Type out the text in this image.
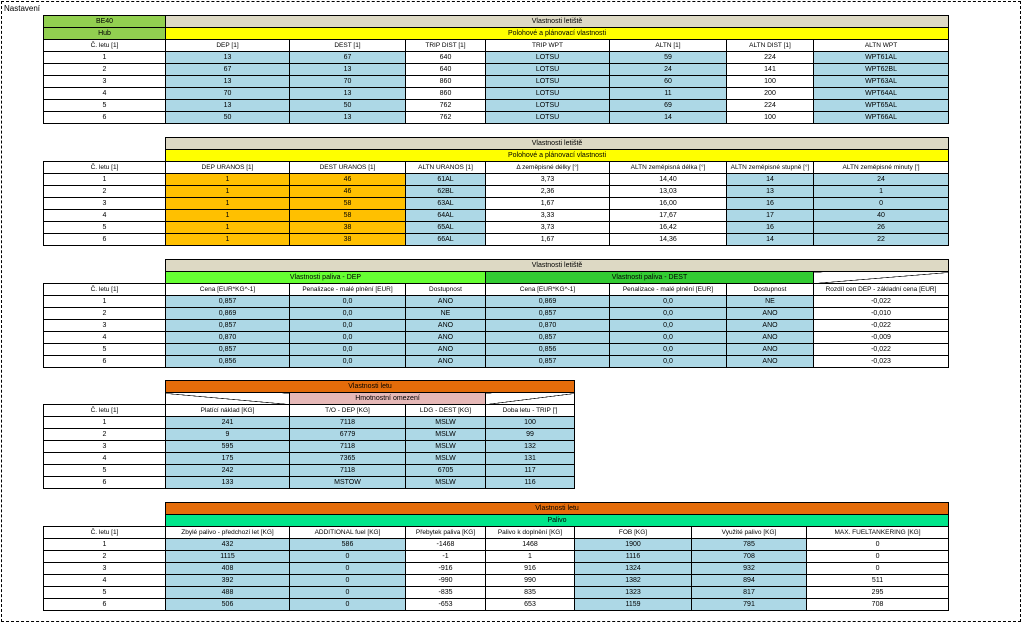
Nastavení
BE40	Vlastnosti letiště						
Hub	Polohové a plánovací vlastnosti						
Č. letu [1]	DEP [1]	DEST [1]	TRIP DIST [1]	TRIP WPT	ALTN [1]	ALTN DIST [1]	ALTN WPT
1	13	67	640	LOTSU	59	224	WPT61AL
2	67	13	640	LOTSU	24	141	WPT62BL
3	13	70	860	LOTSU	60	100	WPT63AL
4	70	13	860	LOTSU	11	200	WPT64AL
5	13	50	762	LOTSU	69	224	WPT65AL
6	50	13	762	LOTSU	14	100	WPT66AL
	Vlastnosti letiště						
	Polohové a plánovací vlastnosti						
Č. letu [1]	DEP URANOS [1]	DEST URANOS [1]	ALTN URANOS [1]	Δ zeměpisné délky [°]	ALTN zeměpisná délka [°]	ALTN zeměpisné stupně [°]	ALTN zeměpisné minuty [']
1	1	46	61AL	3,73	14,40	14	24
2	1	46	62BL	2,36	13,03	13	1
3	1	58	63AL	1,67	16,00	16	0
4	1	58	64AL	3,33	17,67	17	40
5	1	38	65AL	3,73	16,42	16	26
6	1	38	66AL	1,67	14,36	14	22
	Vlastnosti letiště						
	Vlastnosti paliva - DEP			Vlastnosti paliva - DEST			
Č. letu [1]	Cena [EUR*KG^-1]	Penalizace - malé plnění [EUR]	Dostupnost	Cena [EUR*KG^-1]	Penalizace - malé plnění [EUR]	Dostupnost	Rozdíl cen DEP - základní cena [EUR]
1	0,857	0,0	ANO	0,869	0,0	NE	-0,022
2	0,869	0,0	NE	0,857	0,0	ANO	-0,010
3	0,857	0,0	ANO	0,870	0,0	ANO	-0,022
4	0,870	0,0	ANO	0,857	0,0	ANO	-0,009
5	0,857	0,0	ANO	0,856	0,0	ANO	-0,022
6	0,856	0,0	ANO	0,857	0,0	ANO	-0,023
	Vlastnosti letu			
		Hmotnostní omezení		
Č. letu [1]	Platící náklad [KG]	T/O - DEP [KG]	LDG - DEST [KG]	Doba letu - TRIP [']
1	241	7118	MSLW	100
2	9	6779	MSLW	99
3	595	7118	MSLW	132
4	175	7365	MSLW	131
5	242	7118	6705	117
6	133	MSTOW	MSLW	116
	Vlastnosti letu						
	Palivo						
Č. letu [1]	Zbylé palivo - předchozí let [KG]	ADDITIONAL fuel [KG]	Přebytek paliva [KG]	Palivo k doplnění [KG]	FOB [KG]	Využité palivo [KG]	MAX. FUELTANKERING [KG]
1	432	586	-1468	1468	1900	785	0
2	1115	0	-1	1	1116	708	0
3	408	0	-916	916	1324	932	0
4	392	0	-990	990	1382	894	511
5	488	0	-835	835	1323	817	295
6	506	0	-653	653	1159	791	708
